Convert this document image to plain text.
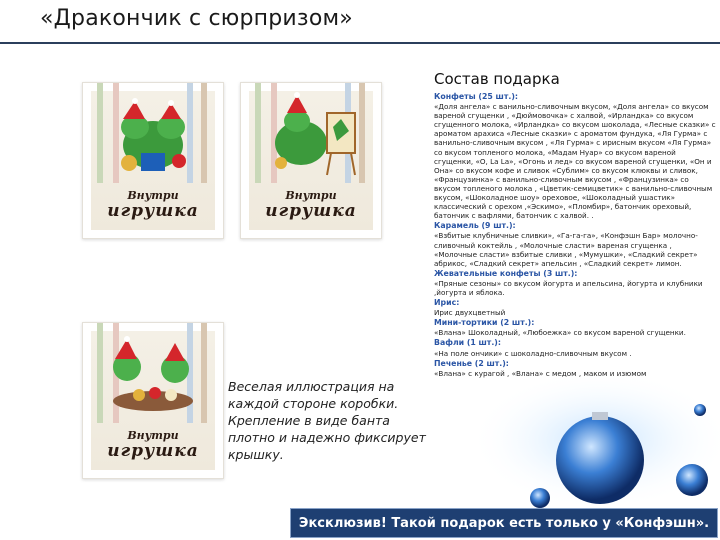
«Дракончик с сюрпризом»
Внутри
игрушка
Внутри
игрушка
Внутри
игрушка
Веселая иллюстрация на каждой стороне коробки. Крепление в виде банта плотно и надежно фиксирует крышку.
Состав подарка

Конфеты (25 шт.):

«Доля ангела» с ванильно-сливочным вкусом, «Доля ангела» со вкусом вареной сгущенки , «Дюймовочка» с халвой, «Ирландка» со вкусом сгущенного молока, «Ирландка» со вкусом шоколада, «Лесные сказки» с ароматом арахиса «Лесные сказки» с ароматом фундука, «Ля Гурма» с ванильно-сливочным вкусом , «Ля Гурма» с ирисным вкусом «Ля Гурма» со вкусом топленого молока, «Мадам Нуар» со вкусом вареной сгущенки, «О, La La», «Огонь и лед» со вкусом вареной сгущенки, «Он и Она» со вкусом кофе и сливок «Сублим» со вкусом клюквы и сливок, «Французинка» с ванильно-сливочным вкусом , «Французинка» со вкусом топленого молока , «Цветик-семицветик» с ванильно-сливочным вкусом, «Шоколадное шоу» ореховое, «Шоколадный ушастик» классический с орехом ,«Эскимо», «Пломбир», батончик ореховый, батончик с вафлями, батончик с халвой. .

Карамель (9 шт.):

«Взбитые клубничные сливки», «Га-га-га», «Конфэшн Бар» молочно-сливочный коктейль , «Молочные сласти» вареная сгущенка , «Молочные сласти» взбитые сливки , «Мумушки», «Сладкий секрет» абрикос, «Сладкий секрет» апельсин , «Сладкий секрет» лимон.

Жевательные конфеты (3 шт.):

«Пряные сезоны» со вкусом йогурта и апельсина, йогурта и клубники ,йогурта и яблока.

Ирис:

Ирис двухцветный

Мини-тортики (2 шт.):

«Влана» Шоколадный, «Любоежка» со вкусом вареной сгущенки.

Вафли (1 шт.):

«На поле ончики» с шоколадно-сливочным вкусом .

Печенье (2 шт.):

«Влана» с курагой , «Влана» с медом , маком и изюмом

Эксклюзив! Такой подарок есть только у «Конфэшн».
